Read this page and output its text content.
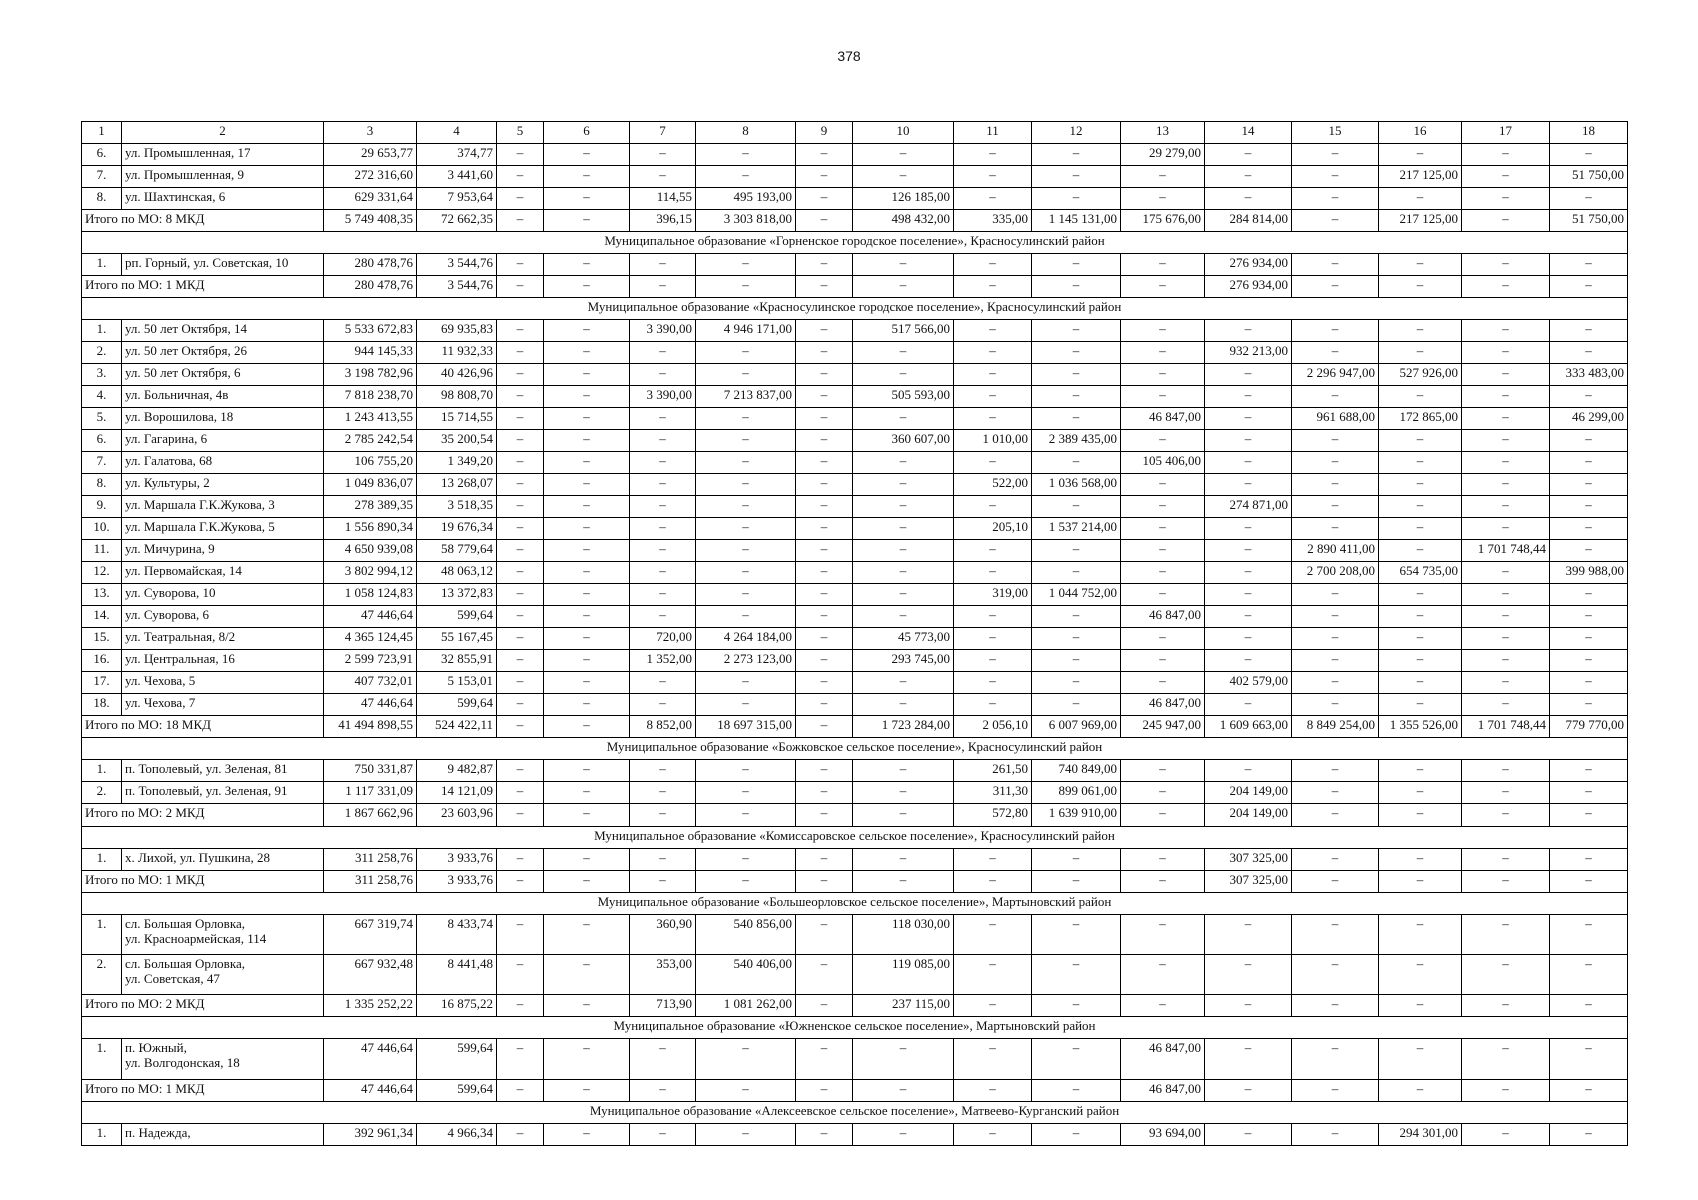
378
1	2	3	4	5	6	7	8	9	10	11	12	13	14	15	16	17	18
6.	ул. Промышленная, 17	29 653,77	374,77	–	–	–	–	–	–	–	–	29 279,00	–	–	–	–	–
7.	ул. Промышленная, 9	272 316,60	3 441,60	–	–	–	–	–	–	–	–	–	–	–	217 125,00	–	51 750,00
8.	ул. Шахтинская, 6	629 331,64	7 953,64	–	–	114,55	495 193,00	–	126 185,00	–	–	–	–	–	–	–	–
Итого по МО: 8 МКД		5 749 408,35	72 662,35	–	–	396,15	3 303 818,00	–	498 432,00	335,00	1 145 131,00	175 676,00	284 814,00	–	217 125,00	–	51 750,00
Муниципальное образование «Горненское городское поселение», Красносулинский район																	
1.	рп. Горный, ул. Советская, 10	280 478,76	3 544,76	–	–	–	–	–	–	–	–	–	276 934,00	–	–	–	–
Итого по МО: 1 МКД		280 478,76	3 544,76	–	–	–	–	–	–	–	–	–	276 934,00	–	–	–	–
Муниципальное образование «Красносулинское городское поселение», Красносулинский район																	
1.	ул. 50 лет Октября, 14	5 533 672,83	69 935,83	–	–	3 390,00	4 946 171,00	–	517 566,00	–	–	–	–	–	–	–	–
2.	ул. 50 лет Октября, 26	944 145,33	11 932,33	–	–	–	–	–	–	–	–	–	932 213,00	–	–	–	–
3.	ул. 50 лет Октября, 6	3 198 782,96	40 426,96	–	–	–	–	–	–	–	–	–	–	2 296 947,00	527 926,00	–	333 483,00
4.	ул. Больничная, 4в	7 818 238,70	98 808,70	–	–	3 390,00	7 213 837,00	–	505 593,00	–	–	–	–	–	–	–	–
5.	ул. Ворошилова, 18	1 243 413,55	15 714,55	–	–	–	–	–	–	–	–	46 847,00	–	961 688,00	172 865,00	–	46 299,00
6.	ул. Гагарина, 6	2 785 242,54	35 200,54	–	–	–	–	–	360 607,00	1 010,00	2 389 435,00	–	–	–	–	–	–
7.	ул. Галатова, 68	106 755,20	1 349,20	–	–	–	–	–	–	–	–	105 406,00	–	–	–	–	–
8.	ул. Культуры, 2	1 049 836,07	13 268,07	–	–	–	–	–	–	522,00	1 036 568,00	–	–	–	–	–	–
9.	ул. Маршала Г.К.Жукова, 3	278 389,35	3 518,35	–	–	–	–	–	–	–	–	–	274 871,00	–	–	–	–
10.	ул. Маршала Г.К.Жукова, 5	1 556 890,34	19 676,34	–	–	–	–	–	–	205,10	1 537 214,00	–	–	–	–	–	–
11.	ул. Мичурина, 9	4 650 939,08	58 779,64	–	–	–	–	–	–	–	–	–	–	2 890 411,00	–	1 701 748,44	–
12.	ул. Первомайская, 14	3 802 994,12	48 063,12	–	–	–	–	–	–	–	–	–	–	2 700 208,00	654 735,00	–	399 988,00
13.	ул. Суворова, 10	1 058 124,83	13 372,83	–	–	–	–	–	–	319,00	1 044 752,00	–	–	–	–	–	–
14.	ул. Суворова, 6	47 446,64	599,64	–	–	–	–	–	–	–	–	46 847,00	–	–	–	–	–
15.	ул. Театральная, 8/2	4 365 124,45	55 167,45	–	–	720,00	4 264 184,00	–	45 773,00	–	–	–	–	–	–	–	–
16.	ул. Центральная, 16	2 599 723,91	32 855,91	–	–	1 352,00	2 273 123,00	–	293 745,00	–	–	–	–	–	–	–	–
17.	ул. Чехова, 5	407 732,01	5 153,01	–	–	–	–	–	–	–	–	–	402 579,00	–	–	–	–
18.	ул. Чехова, 7	47 446,64	599,64	–	–	–	–	–	–	–	–	46 847,00	–	–	–	–	–
Итого по МО: 18 МКД		41 494 898,55	524 422,11	–	–	8 852,00	18 697 315,00	–	1 723 284,00	2 056,10	6 007 969,00	245 947,00	1 609 663,00	8 849 254,00	1 355 526,00	1 701 748,44	779 770,00
Муниципальное образование «Божковское сельское поселение», Красносулинский район																	
1.	п. Тополевый, ул. Зеленая, 81	750 331,87	9 482,87	–	–	–	–	–	–	261,50	740 849,00	–	–	–	–	–	–
2.	п. Тополевый, ул. Зеленая, 91	1 117 331,09	14 121,09	–	–	–	–	–	–	311,30	899 061,00	–	204 149,00	–	–	–	–
Итого по МО: 2 МКД		1 867 662,96	23 603,96	–	–	–	–	–	–	572,80	1 639 910,00	–	204 149,00	–	–	–	–
Муниципальное образование «Комиссаровское сельское поселение», Красносулинский район																	
1.	х. Лихой, ул. Пушкина, 28	311 258,76	3 933,76	–	–	–	–	–	–	–	–	–	307 325,00	–	–	–	–
Итого по МО: 1 МКД		311 258,76	3 933,76	–	–	–	–	–	–	–	–	–	307 325,00	–	–	–	–
Муниципальное образование «Большеорловское сельское поселение», Мартыновский район																	
1.	сл. Большая Орловка,
ул. Красноармейская, 114	667 319,74	8 433,74	–	–	360,90	540 856,00	–	118 030,00	–	–	–	–	–	–	–	–
2.	сл. Большая Орловка,
ул. Советская, 47	667 932,48	8 441,48	–	–	353,00	540 406,00	–	119 085,00	–	–	–	–	–	–	–	–
Итого по МО: 2 МКД		1 335 252,22	16 875,22	–	–	713,90	1 081 262,00	–	237 115,00	–	–	–	–	–	–	–	–
Муниципальное образование «Южненское сельское поселение», Мартыновский район																	
1.	п. Южный,
ул. Волгодонская, 18	47 446,64	599,64	–	–	–	–	–	–	–	–	46 847,00	–	–	–	–	–
Итого по МО: 1 МКД		47 446,64	599,64	–	–	–	–	–	–	–	–	46 847,00	–	–	–	–	–
Муниципальное образование «Алексеевское сельское поселение», Матвеево-Курганский район																	
1.	п. Надежда,	392 961,34	4 966,34	–	–	–	–	–	–	–	–	93 694,00	–	–	294 301,00	–	–
